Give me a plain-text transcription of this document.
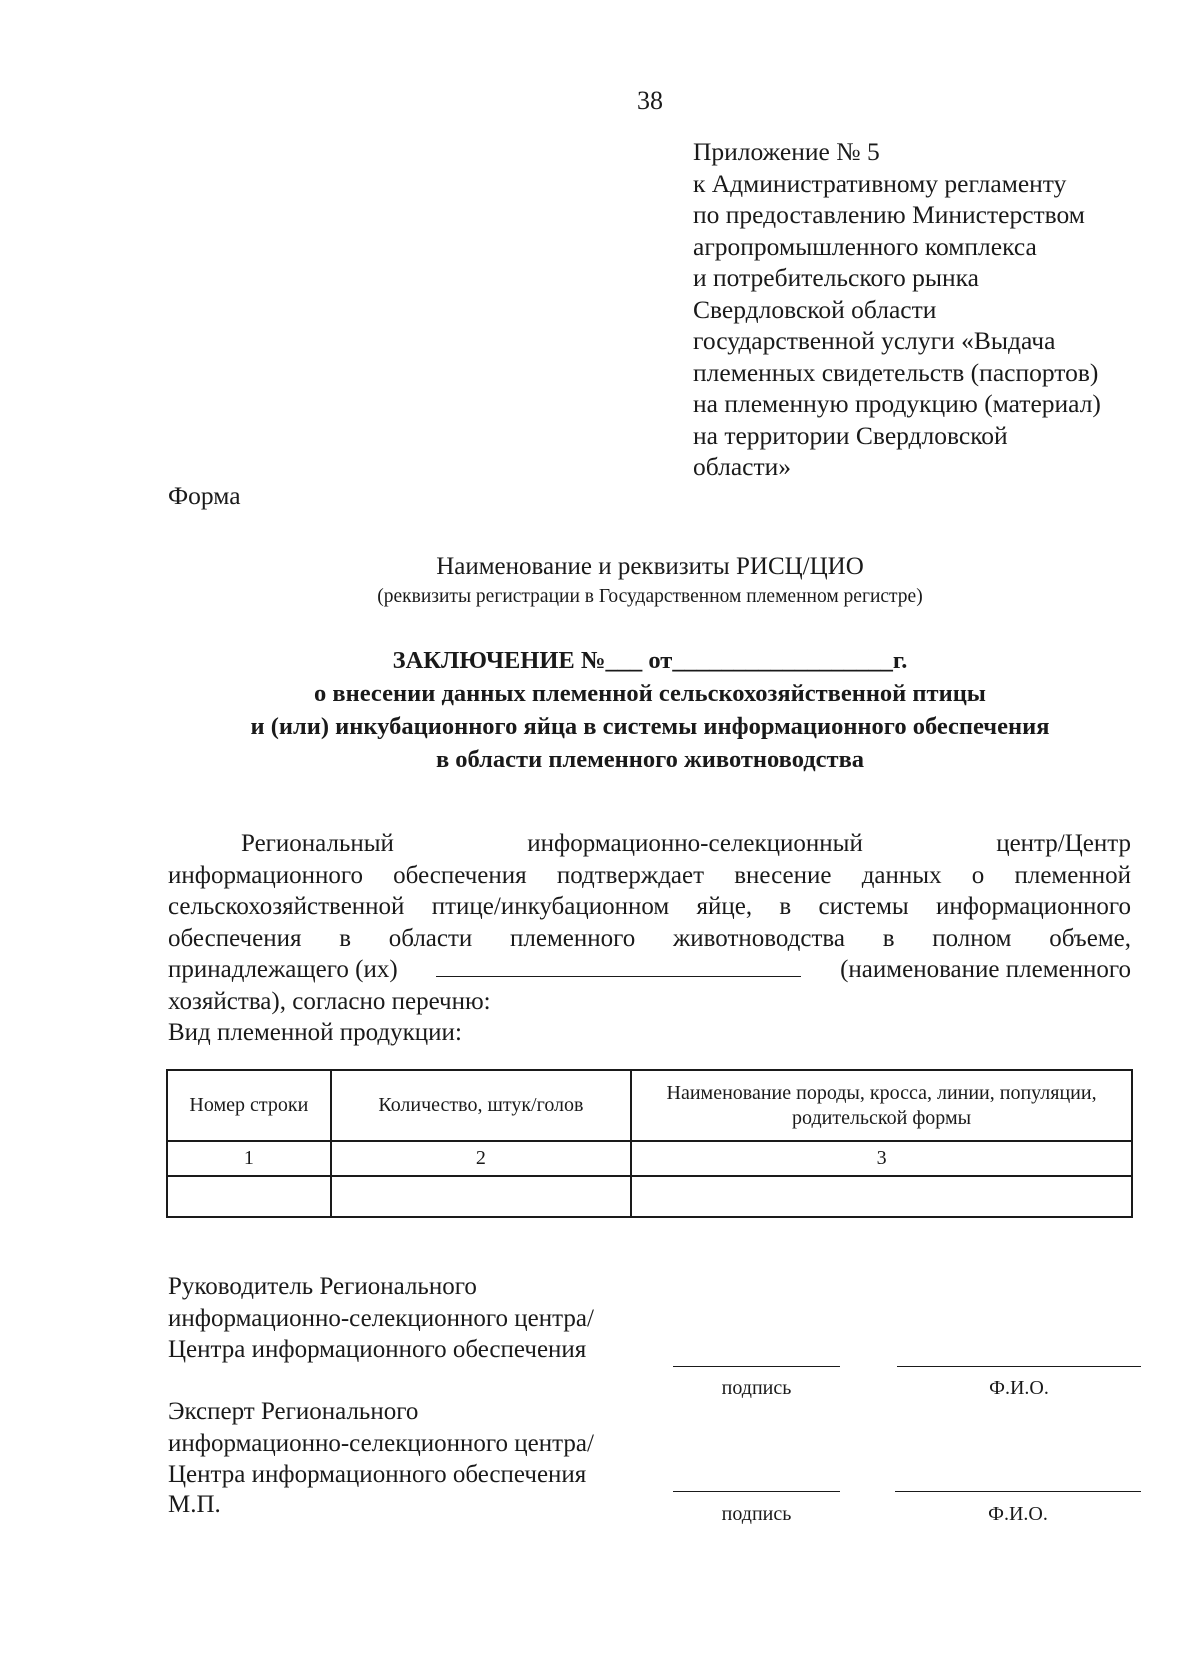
38
Приложение № 5
к Административному регламенту
по предоставлению Министерством
агропромышленного комплекса
и потребительского рынка
Свердловской области
государственной услуги «Выдача
племенных свидетельств (паспортов)
на племенную продукцию (материал)
на территории Свердловской
области»
Форма
Наименование и реквизиты РИСЦ/ЦИО
(реквизиты регистрации в Государственном племенном регистре)
ЗАКЛЮЧЕНИЕ №___ от__________________г.
о внесении данных племенной сельскохозяйственной птицы
и (или) инкубационного яйца в системы информационного обеспечения
в области племенного животноводства
Региональный информационно-селекционный центр/Центр
информационного обеспечения подтверждает внесение данных о племенной
сельскохозяйственной птице/инкубационном яйце, в системы информационного
обеспечения в области племенного животноводства в полном объеме,
принадлежащего (их)	(наименование племенного
хозяйства), согласно перечню:
Вид племенной продукции:
Номер строки	Количество, штук/голов	Наименование породы, кросса, линии, популяции, родительской формы
1	2	3

Руководитель Регионального
информационно-селекционного центра/
Центра информационного обеспечения
подпись	Ф.И.О.
Эксперт Регионального
информационно-селекционного центра/
Центра информационного обеспечения
подпись	Ф.И.О.
М.П.
